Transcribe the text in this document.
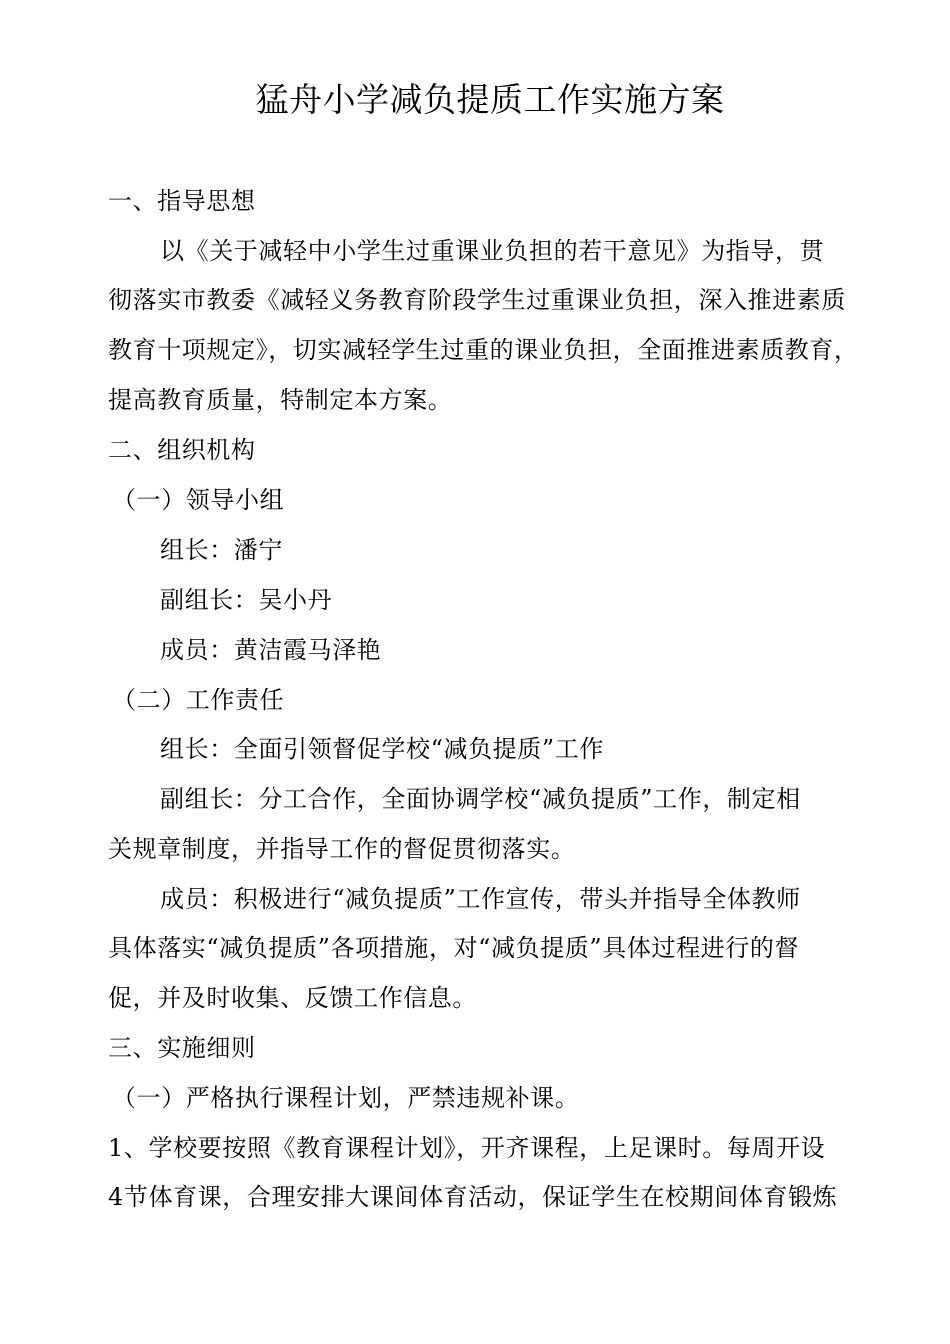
猛舟小学减负提质工作实施方案
一、指导思想
以《关于减轻中小学生过重课业负担的若干意见》为指导，贯
彻落实市教委《减轻义务教育阶段学生过重课业负担，深入推进素质
教育十项规定》，切实减轻学生过重的课业负担，全面推进素质教育，
提高教育质量，特制定本方案。
二、组织机构
（一）领导小组
组长：潘宁
副组长：吴小丹
成员：黄洁霞马泽艳
（二）工作责任
组长：全面引领督促学校“减负提质”工作
副组长：分工合作，全面协调学校“减负提质”工作，制定相
关规章制度，并指导工作的督促贯彻落实。
成员：积极进行“减负提质”工作宣传，带头并指导全体教师
具体落实“减负提质”各项措施，对“减负提质”具体过程进行的督
促，并及时收集、反馈工作信息。
三、实施细则
（一）严格执行课程计划，严禁违规补课。
1、学校要按照《教育课程计划》，开齐课程，上足课时。每周开设
4节体育课，合理安排大课间体育活动，保证学生在校期间体育锻炼
